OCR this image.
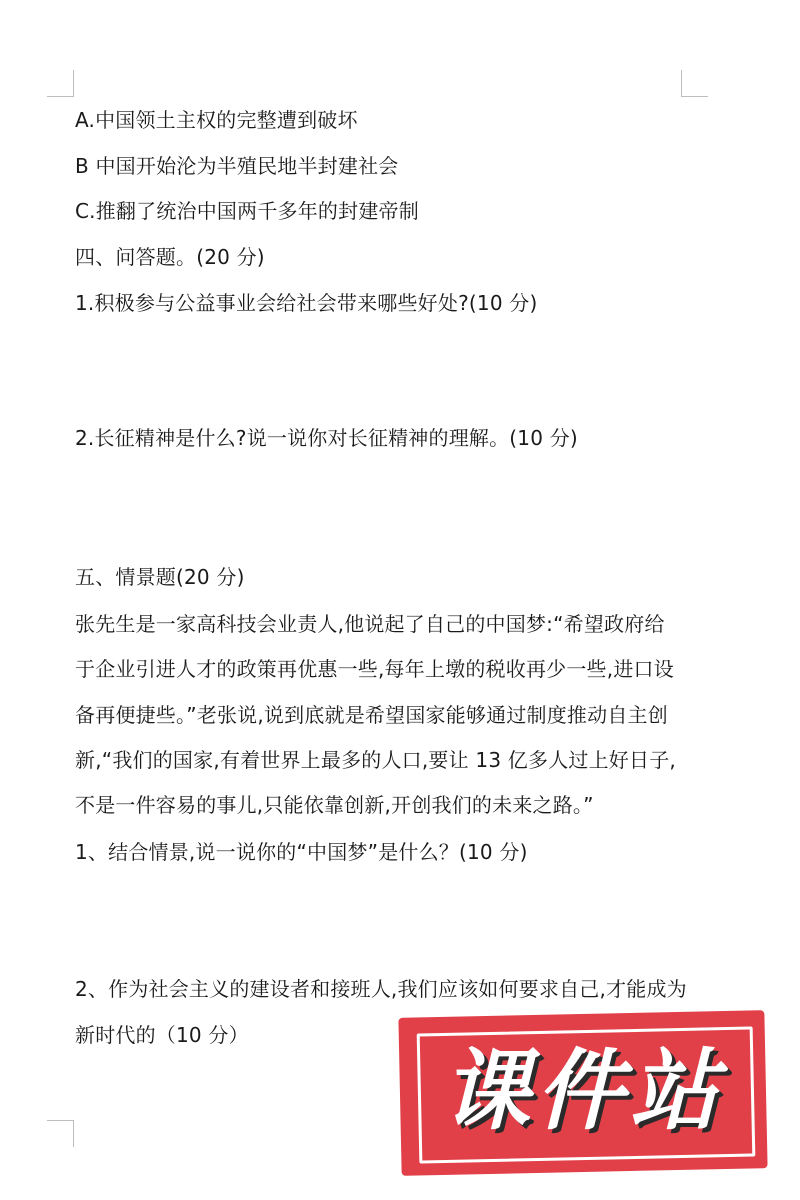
A.中国领土主权的完整遭到破坏
B 中国开始沦为半殖民地半封建社会
C.推翻了统治中国两千多年的封建帝制
四、问答题。(20 分)
1.积极参与公益事业会给社会带来哪些好处?(10 分)
2.长征精神是什么?说一说你对长征精神的理解。(10 分)
五、情景题(20 分)
张先生是一家高科技会业责人,他说起了自己的中国梦:“希望政府给
于企业引进人才的政策再优惠一些,每年上墩的税收再少一些,进口设
备再便捷些。”老张说,说到底就是希望国家能够通过制度推动自主创
新,“我们的国家,有着世界上最多的人口,要让 13 亿多人过上好日子,
不是一件容易的事儿,只能依靠创新,开创我们的未来之路。”
1、结合情景,说一说你的“中国梦”是什么？(10 分)
2、作为社会主义的建设者和接班人,我们应该如何要求自己,才能成为
新时代的（10 分）
课件站
